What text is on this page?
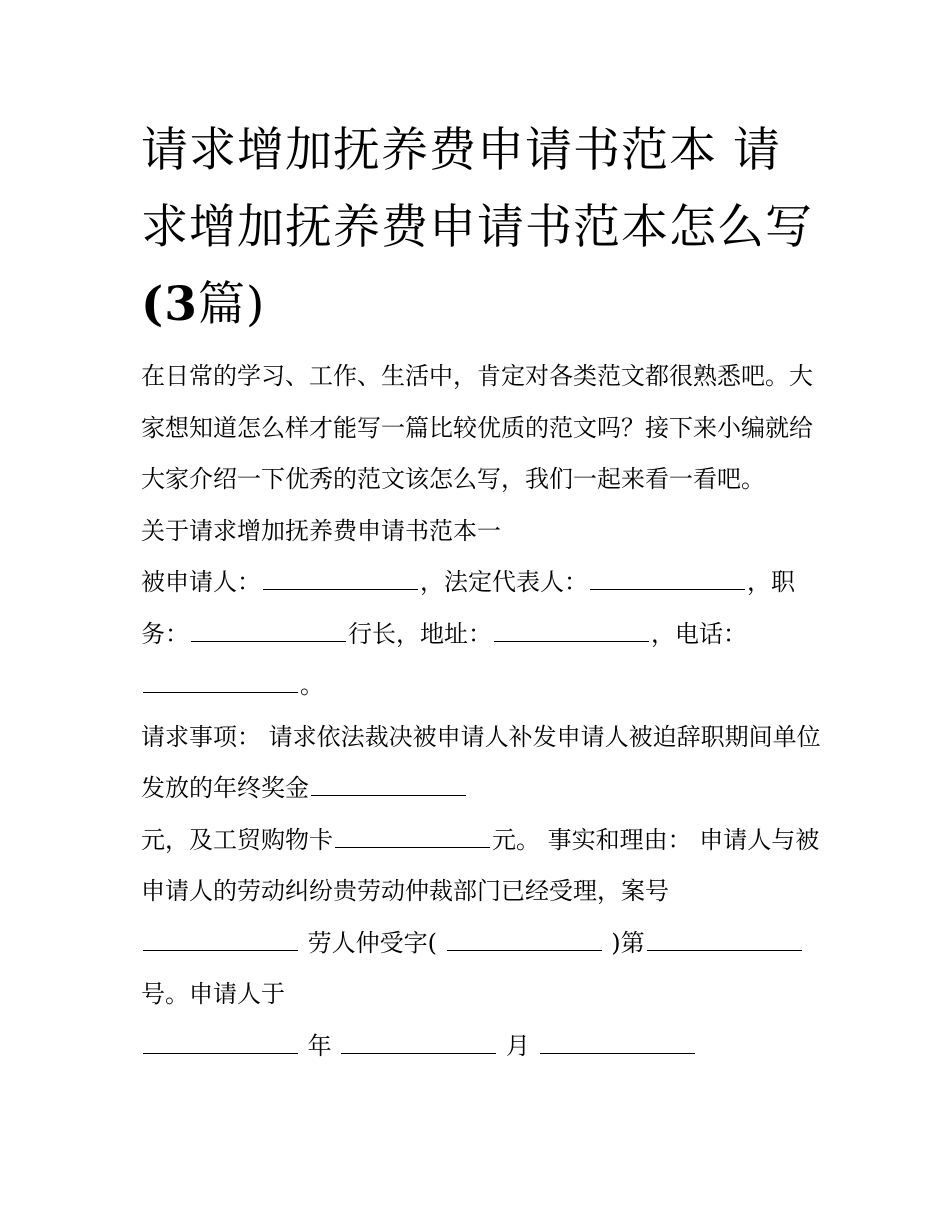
请求增加抚养费申请书范本 请求增加抚养费申请书范本怎么写(3篇)

在日常的学习、工作、生活中，肯定对各类范文都很熟悉吧。大家想知道怎么样才能写一篇比较优质的范文吗？接下来小编就给大家介绍一下优秀的范文该怎么写，我们一起来看一看吧。

关于请求增加抚养费申请书范本一

被申请人：	，法定代表人：	，职务：	行长，地址：	，电话：。

请求事项： 请求依法裁决被申请人补发申请人被迫辞职期间单位发放的年终奖金

元，及工贸购物卡	元。 事实和理由： 申请人与被申请人的劳动纠纷贵劳动仲裁部门已经受理，案号 劳人仲受字(	)第

号。申请人于

年	月
